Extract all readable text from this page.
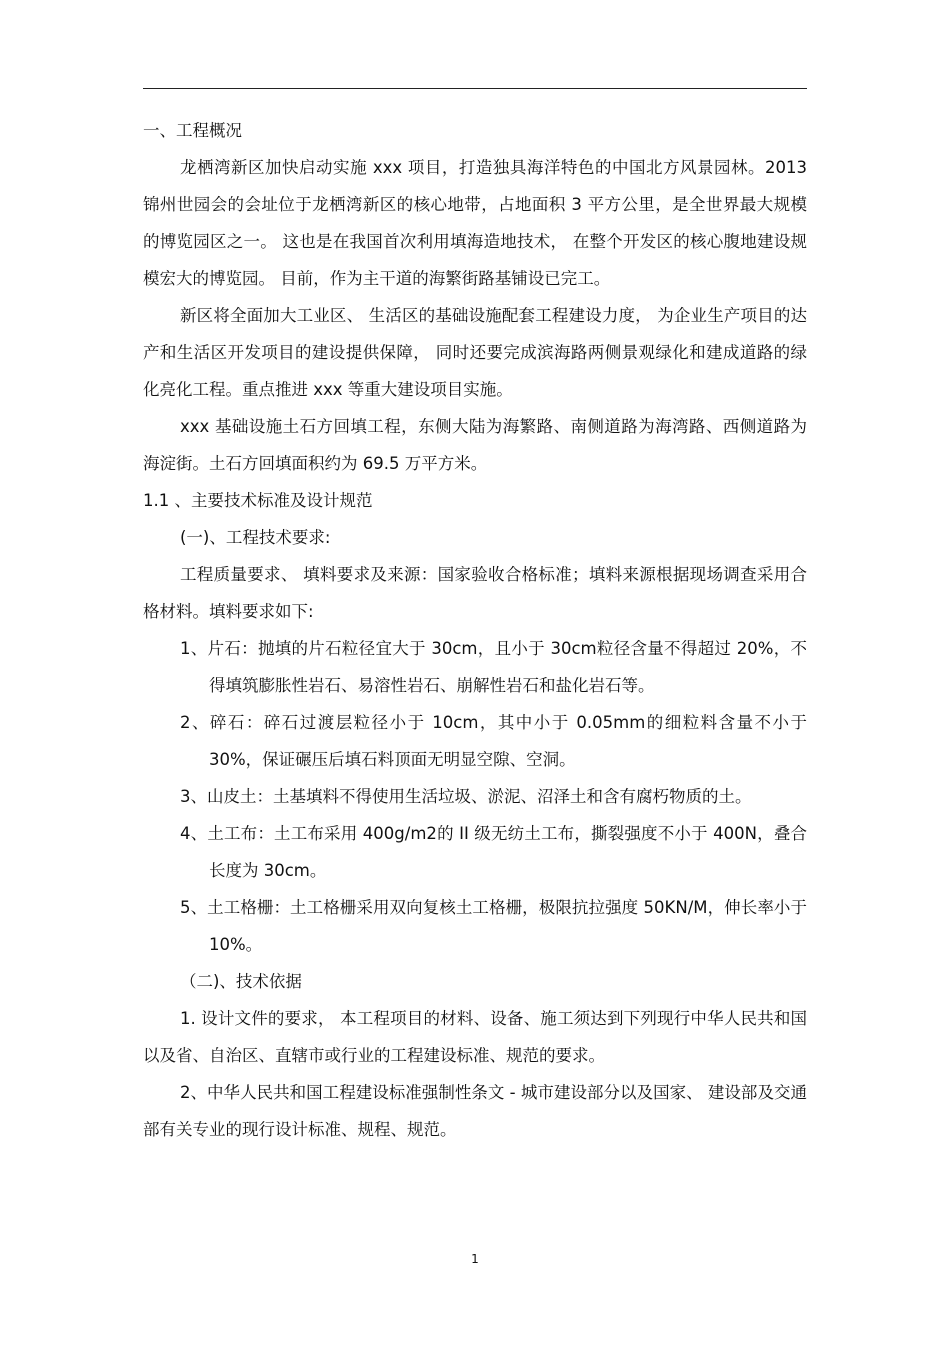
一、工程概况

龙栖湾新区加快启动实施 xxx 项目，打造独具海洋特色的中国北方风景园林。2013 锦州世园会的会址位于龙栖湾新区的核心地带，占地面积 3 平方公里，是全世界最大规模的博览园区之一。 这也是在我国首次利用填海造地技术， 在整个开发区的核心腹地建设规模宏大的博览园。 目前，作为主干道的海繁街路基铺设已完工。

新区将全面加大工业区、 生活区的基础设施配套工程建设力度， 为企业生产项目的达产和生活区开发项目的建设提供保障， 同时还要完成滨海路两侧景观绿化和建成道路的绿化亮化工程。重点推进 xxx 等重大建设项目实施。

xxx 基础设施土石方回填工程，东侧大陆为海繁路、南侧道路为海湾路、西侧道路为海淀街。土石方回填面积约为 69.5 万平方米。

1.1 、主要技术标准及设计规范

(一)、工程技术要求:

工程质量要求、 填料要求及来源：国家验收合格标准；填料来源根据现场调查采用合格材料。填料要求如下:

1、片石：抛填的片石粒径宜大于 30cm，且小于 30cm粒径含量不得超过 20%，不得填筑膨胀性岩石、易溶性岩石、崩解性岩石和盐化岩石等。

2、碎石：碎石过渡层粒径小于 10cm，其中小于 0.05mm的细粒料含量不小于 30%，保证碾压后填石料顶面无明显空隙、空洞。

3、山皮土：土基填料不得使用生活垃圾、淤泥、沼泽土和含有腐朽物质的土。

4、土工布：土工布采用 400g/m2的 II 级无纺土工布，撕裂强度不小于 400N，叠合长度为 30cm。

5、土工格栅：土工格栅采用双向复核土工格栅，极限抗拉强度 50KN/M，伸长率小于 10%。

（二)、技术依据

1. 设计文件的要求， 本工程项目的材料、设备、施工须达到下列现行中华人民共和国以及省、自治区、直辖市或行业的工程建设标准、规范的要求。

2、中华人民共和国工程建设标准强制性条文 - 城市建设部分以及国家、 建设部及交通部有关专业的现行设计标准、规程、规范。

1
